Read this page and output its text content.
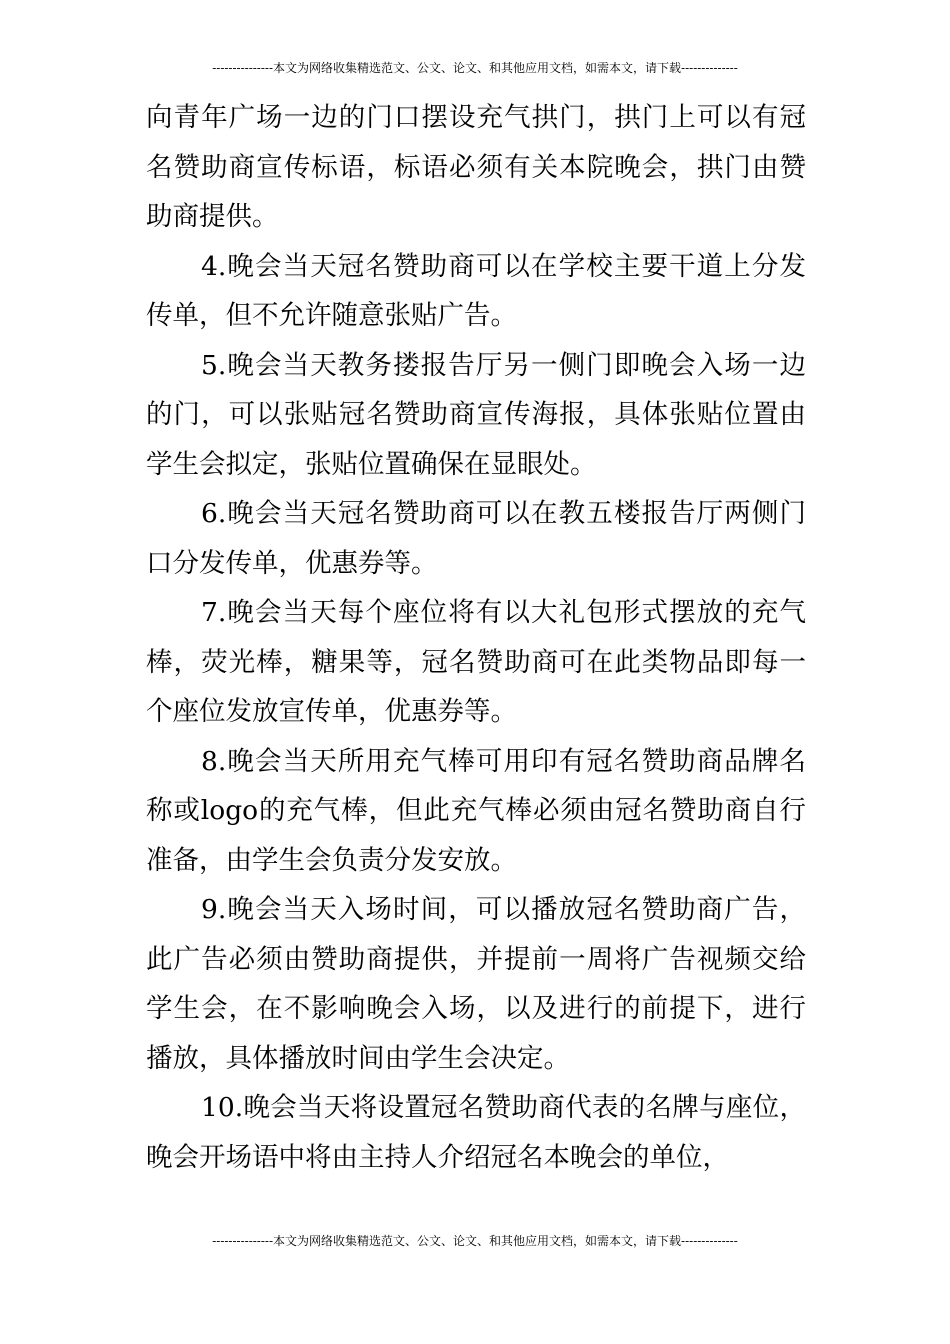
---------------本文为网络收集精选范文、公文、论文、和其他应用文档，如需本文，请下载--------------

向青年广场一边的门口摆设充气拱门，拱门上可以有冠名赞助商宣传标语，标语必须有关本院晚会，拱门由赞助商提供。

4.晚会当天冠名赞助商可以在学校主要干道上分发传单，但不允许随意张贴广告。

5.晚会当天教务搂报告厅另一侧门即晚会入场一边的门，可以张贴冠名赞助商宣传海报，具体张贴位置由学生会拟定，张贴位置确保在显眼处。

6.晚会当天冠名赞助商可以在教五楼报告厅两侧门口分发传单，优惠券等。

7.晚会当天每个座位将有以大礼包形式摆放的充气棒，荧光棒，糖果等，冠名赞助商可在此类物品即每一个座位发放宣传单，优惠券等。

8.晚会当天所用充气棒可用印有冠名赞助商品牌名称或logo的充气棒，但此充气棒必须由冠名赞助商自行准备，由学生会负责分发安放。

9.晚会当天入场时间，可以播放冠名赞助商广告，此广告必须由赞助商提供，并提前一周将广告视频交给学生会，在不影响晚会入场，以及进行的前提下，进行播放，具体播放时间由学生会决定。

10.晚会当天将设置冠名赞助商代表的名牌与座位，晚会开场语中将由主持人介绍冠名本晚会的单位，

---------------本文为网络收集精选范文、公文、论文、和其他应用文档，如需本文，请下载--------------
